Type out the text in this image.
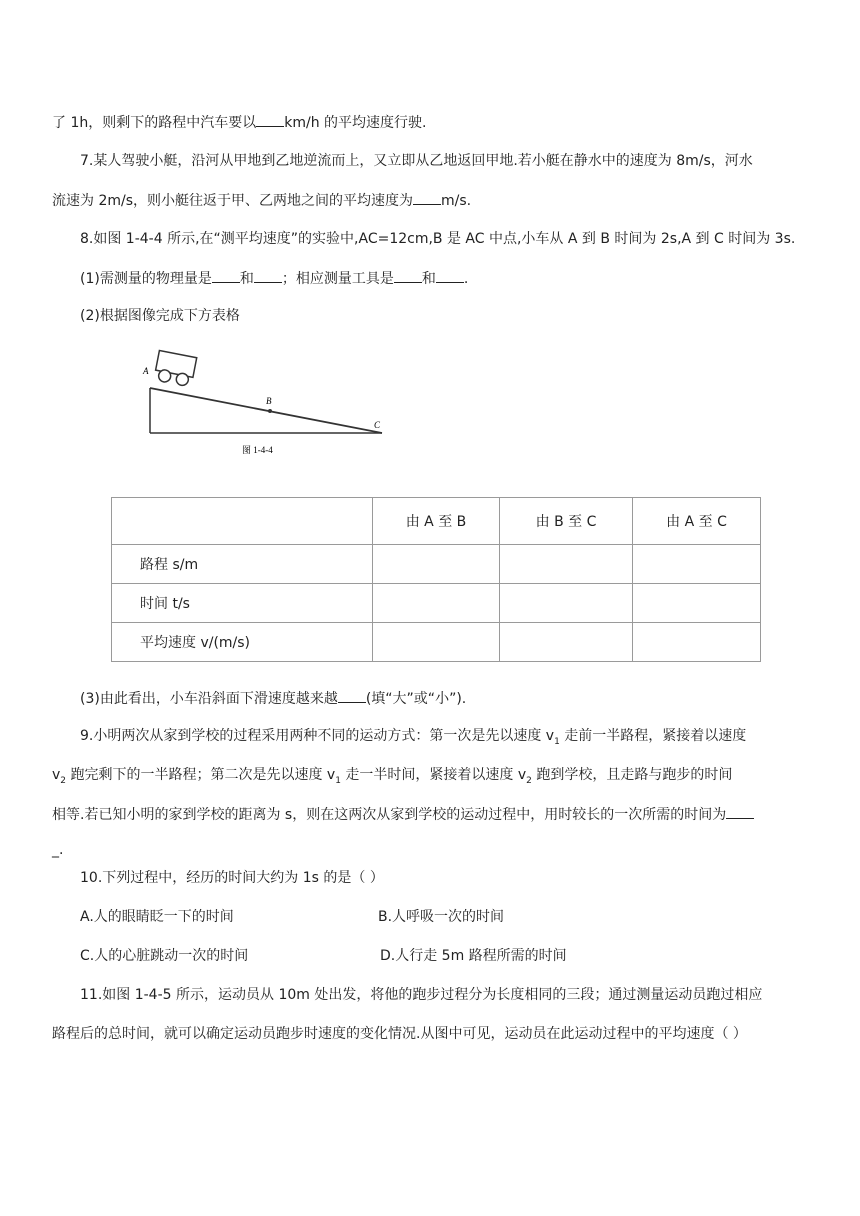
了 1h，则剩下的路程中汽车要以 km/h 的平均速度行驶.
7.某人驾驶小艇，沿河从甲地到乙地逆流而上，又立即从乙地返回甲地.若小艇在静水中的速度为 8m/s，河水
流速为 2m/s，则小艇往返于甲、乙两地之间的平均速度为 m/s.
8.如图 1-4-4 所示,在“测平均速度”的实验中,AC=12cm,B 是 AC 中点,小车从 A 到 B 时间为 2s,A 到 C 时间为 3s.
(1)需测量的物理量是 和 ；相应测量工具是 和 .
(2)根据图像完成下方表格
A
B
C
图 1-4-4
	由 A 至 B	由 B 至 C	由 A 至 C
路程 s/m			
时间 t/s			
平均速度 v/(m/s)			
(3)由此看出，小车沿斜面下滑速度越来越 (填“大”或“小”).
9.小明两次从家到学校的过程采用两种不同的运动方式：第一次是先以速度 $v_1$ 走前一半路程，紧接着以速度
$v_2$ 跑完剩下的一半路程；第二次是先以速度 $v_1$ 走一半时间，紧接着以速度 $v_2$ 跑到学校，且走路与跑步的时间
相等.若已知小明的家到学校的距离为 s，则在这两次从家到学校的运动过程中，用时较长的一次所需的时间为
_.
10.下列过程中，经历的时间大约为 1s 的是（ ）
A.人的眼睛眨一下的时间	B.人呼吸一次的时间
C.人的心脏跳动一次的时间	D.人行走 5m 路程所需的时间
11.如图 1-4-5 所示，运动员从 10m 处出发，将他的跑步过程分为长度相同的三段；通过测量运动员跑过相应
路程后的总时间，就可以确定运动员跑步时速度的变化情况.从图中可见，运动员在此运动过程中的平均速度（ ）
